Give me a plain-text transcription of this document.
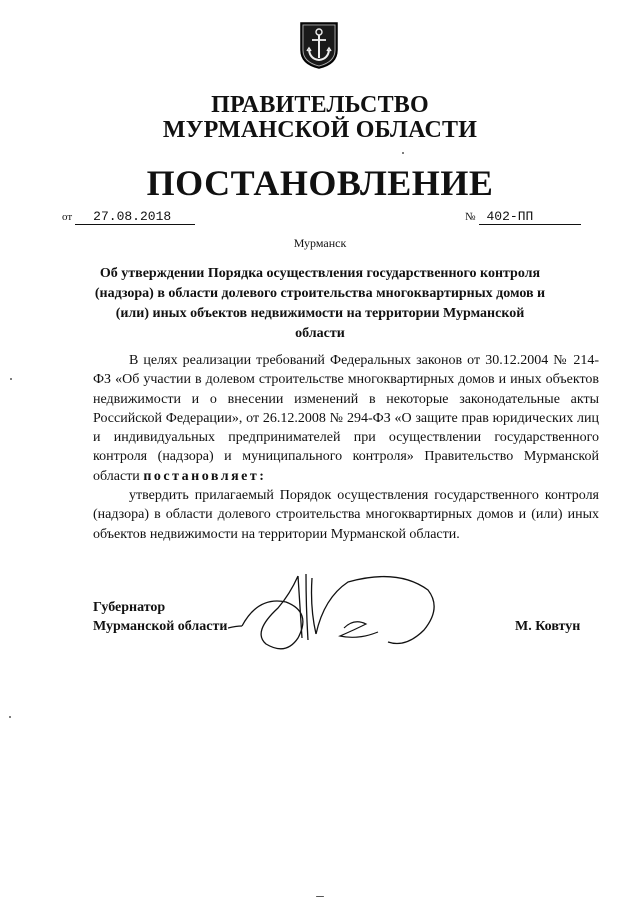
ПРАВИТЕЛЬСТВО
МУРМАНСКОЙ ОБЛАСТИ
ПОСТАНОВЛЕНИЕ
от 27.08.2018	№ 402-ПП
Мурманск
Об утверждении Порядка осуществления государственного контроля (надзора) в области долевого строительства многоквартирных домов и (или) иных объектов недвижимости на территории Мурманской области

В целях реализации требований Федеральных законов от 30.12.2004 № 214-ФЗ «Об участии в долевом строительстве многоквартирных домов и иных объектов недвижимости и о внесении изменений в некоторые законодательные акты Российской Федерации», от 26.12.2008 № 294-ФЗ «О защите прав юридических лиц и индивидуальных предпринимателей при осуществлении государственного контроля (надзора) и муниципального контроля» Правительство Мурманской области постановляет:

утвердить прилагаемый Порядок осуществления государственного контроля (надзора) в области долевого строительства многоквартирных домов и (или) иных объектов недвижимости на территории Мурманской области.

Губернатор
Мурманской области	М. Ковтун
